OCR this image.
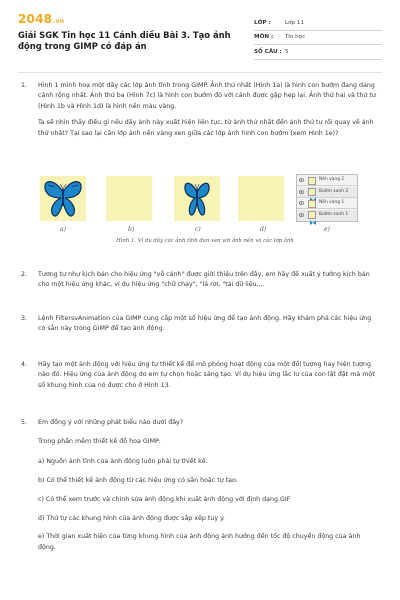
2048.vn
Giải SGK Tin học 11 Cánh diều Bài 3. Tạo ảnh động trong GIMP có đáp án
LỚP :	Lớp 11
MÔN :	Tin học
SỐ CÂU : 5
1. Hình 1 minh hoạ một dãy các lớp ảnh tĩnh trong GIMP. Ảnh thứ nhất (Hình 1a) là hình con bướm đang dang cánh rộng nhất. Ảnh thứ ba (Hình 7c) là hình con bướm đó với cánh được gập hẹp lại. Ảnh thứ hai và thứ tư (Hình 1b và Hình 1d) là hình nền màu vàng.

Ta sẽ nhìn thấy điều gì nếu dãy ảnh này xuất hiện liên tục, từ ảnh thứ nhất đến ảnh thứ tư rồi quay về ảnh thứ nhất? Tại sao lại cần lớp ảnh nền vàng xen giữa các lớp ảnh hình con bướm (xem Hình 1e)?

Nền vàng 2
Bướm xanh 2
Nền vàng 1
Bướm xanh 1
a)	b)	c)	d)	e)
Hình 1. Ví dụ dãy các ảnh tĩnh đan xen với ảnh nền và các lớp ảnh
2. Tương tự như kịch bản cho hiệu ứng "vỗ cánh" được giới thiệu trên đây, em hãy đề xuất ý tưởng kịch bản cho một hiệu ứng khác, ví dụ hiệu ứng "chữ chạy", "lá rơi, "tải dữ liệu,...

3. Lệnh FiltersvAnimation của GIMP cung cấp một số hiệu ứng để tạo ảnh động. Hãy khám phá các hiệu ứng có sẵn này trong GIMP để tạo ảnh động.

4. Hãy tạo một ảnh động với hiệu ứng tự thiết kế để mô phỏng hoạt động của một đối tượng hay hiện tượng nào đó. Hiệu ứng của ảnh động do em tự chọn hoặc sáng tạo. Ví dụ hiệu ứng lắc lư của con lật đật mà một số khung hình của nó được cho ở Hình 13.

5. Em đồng ý với những phát biểu nào dưới đây?

Trong phần mềm thiết kế đồ hoạ GIMP:

a) Nguồn ảnh tĩnh của ảnh động luôn phải tự thiết kế.
b) Có thể thiết kế ảnh động từ các hiệu ứng có sẵn hoặc tự tạo.
c) Có thể xem trước và chỉnh sửa ảnh động khi xuất ảnh động với định dạng GIF
d) Thứ tự các khung hình của ảnh động được sắp xếp tuỳ ý.
e) Thời gian xuất hiện của từng khung hình của ảnh động ảnh hưởng đến tốc độ chuyển động của ảnh động.
